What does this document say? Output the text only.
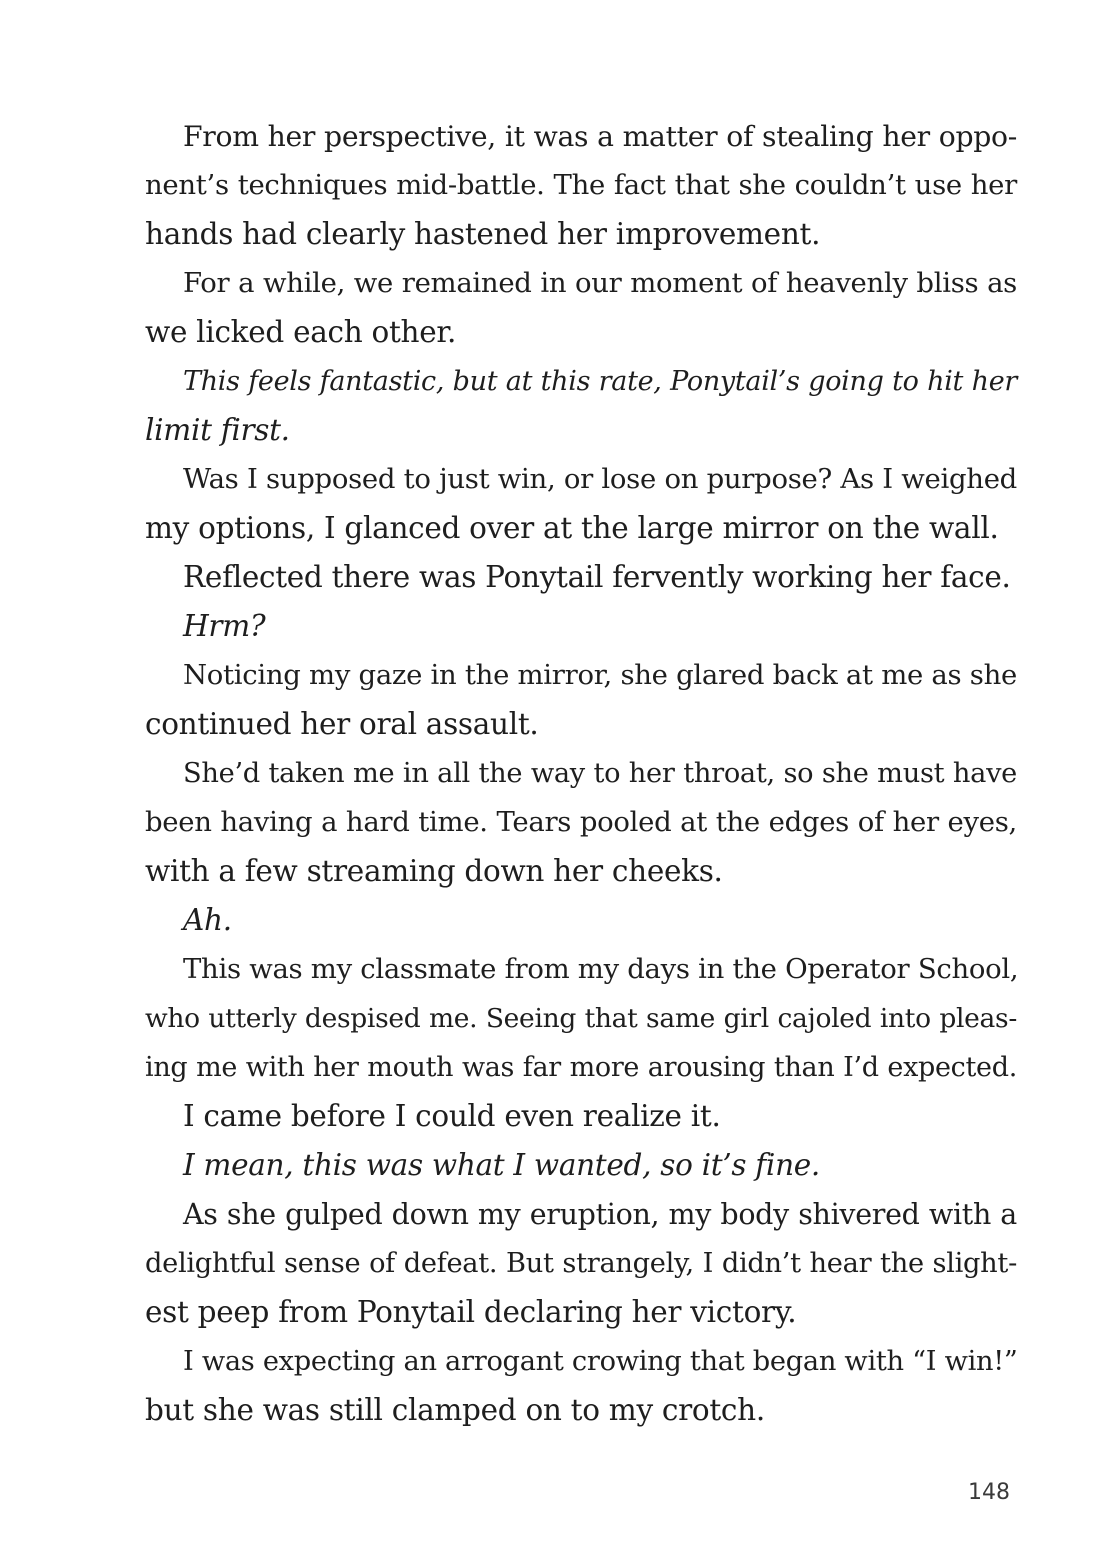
From her perspective, it was a matter of stealing her oppo-
nent’s techniques mid-battle. The fact that she couldn’t use her
hands had clearly hastened her improvement.
For a while, we remained in our moment of heavenly bliss as
we licked each other.
This feels fantastic, but at this rate, Ponytail’s going to hit her
limit first.
Was I supposed to just win, or lose on purpose? As I weighed
my options, I glanced over at the large mirror on the wall.
Reflected there was Ponytail fervently working her face.
Hrm?
Noticing my gaze in the mirror, she glared back at me as she
continued her oral assault.
She’d taken me in all the way to her throat, so she must have
been having a hard time. Tears pooled at the edges of her eyes,
with a few streaming down her cheeks.
Ah.
This was my classmate from my days in the Operator School,
who utterly despised me. Seeing that same girl cajoled into pleas-
ing me with her mouth was far more arousing than I’d expected.
I came before I could even realize it.
I mean, this was what I wanted, so it’s fine.
As she gulped down my eruption, my body shivered with a
delightful sense of defeat. But strangely, I didn’t hear the slight-
est peep from Ponytail declaring her victory.
I was expecting an arrogant crowing that began with “I win!”
but she was still clamped on to my crotch.
148
